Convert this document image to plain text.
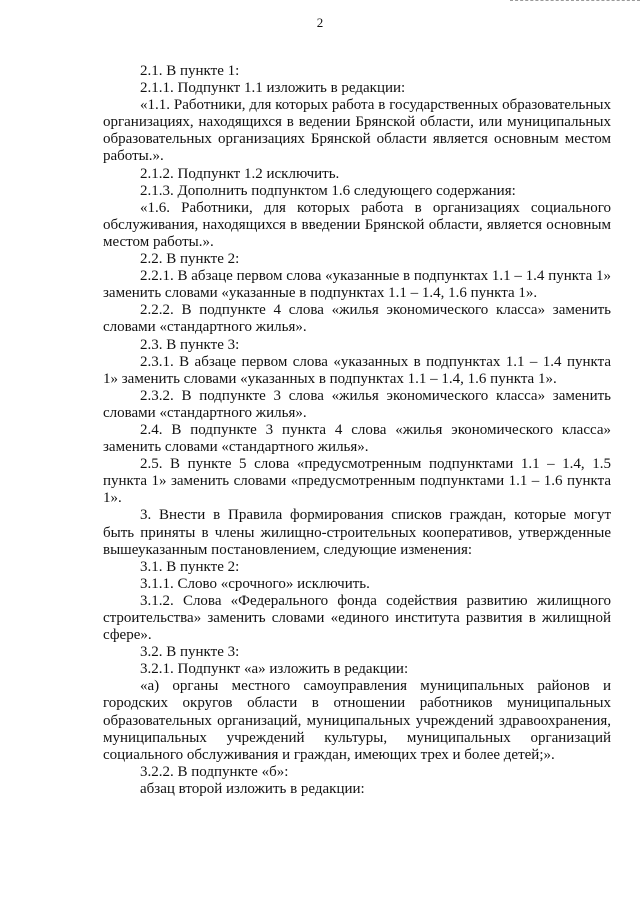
2

2.1. В пункте 1:

2.1.1. Подпункт 1.1 изложить в редакции:

«1.1. Работники, для которых работа в государственных образовательных организациях, находящихся в ведении Брянской области, или муниципальных образовательных организациях Брянской области является основным местом работы.».

2.1.2. Подпункт 1.2 исключить.

2.1.3. Дополнить подпунктом 1.6 следующего содержания:

«1.6. Работники, для которых работа в организациях социального обслуживания, находящихся в введении Брянской области, является основным местом работы.».

2.2. В пункте 2:

2.2.1. В абзаце первом слова «указанные в подпунктах 1.1 – 1.4 пункта 1» заменить словами «указанные в подпунктах 1.1 – 1.4, 1.6 пункта 1».

2.2.2. В подпункте 4 слова «жилья экономического класса» заменить словами «стандартного жилья».

2.3. В пункте 3:

2.3.1. В абзаце первом слова «указанных в подпунктах 1.1 – 1.4 пункта 1» заменить словами «указанных в подпунктах 1.1 – 1.4, 1.6 пункта 1».

2.3.2. В подпункте 3 слова «жилья экономического класса» заменить словами «стандартного жилья».

2.4. В подпункте 3 пункта 4 слова «жилья экономического класса» заменить словами «стандартного жилья».

2.5. В пункте 5 слова «предусмотренным подпунктами 1.1 – 1.4, 1.5 пункта 1» заменить словами «предусмотренным подпунктами 1.1 – 1.6 пункта 1».

3. Внести в Правила формирования списков граждан, которые могут быть приняты в члены жилищно-строительных кооперативов, утвержденные вышеуказанным постановлением, следующие изменения:

3.1. В пункте 2:

3.1.1. Слово «срочного» исключить.

3.1.2. Слова «Федерального фонда содействия развитию жилищного строительства» заменить словами «единого института развития в жилищной сфере».

3.2. В пункте 3:

3.2.1. Подпункт «а» изложить в редакции:

«а) органы местного самоуправления муниципальных районов и городских округов области в отношении работников муниципальных образовательных организаций, муниципальных учреждений здравоохранения, муниципальных учреждений культуры, муниципальных организаций социального обслуживания и граждан, имеющих трех и более детей;».

3.2.2. В подпункте «б»:

абзац второй изложить в редакции:
